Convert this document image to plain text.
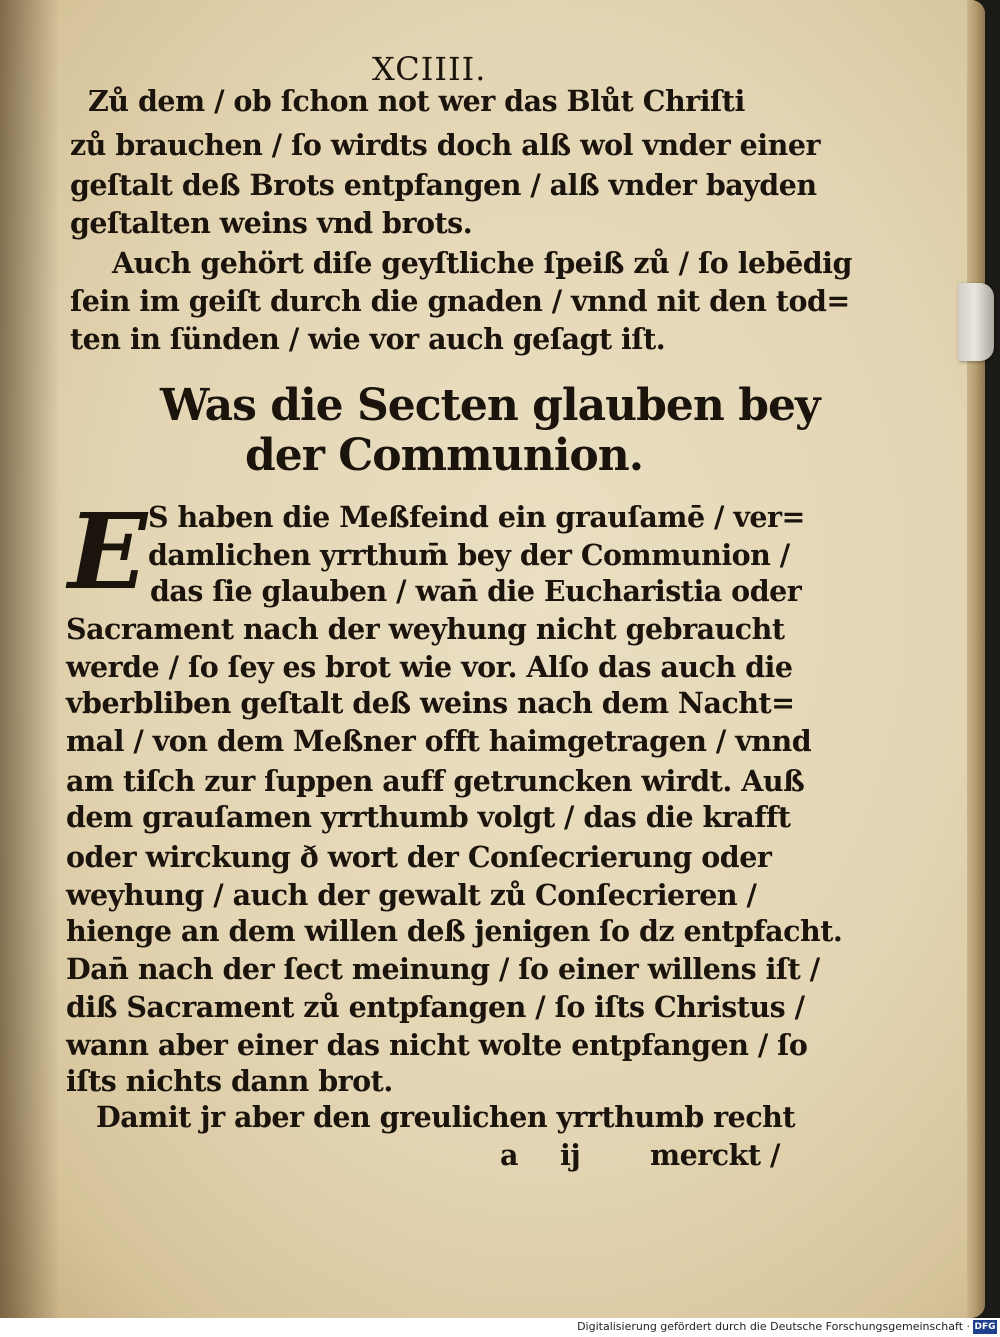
XCIIII.
Zů dem / ob ſchon not wer das Blůt Chriſti
zů brauchen / ſo wirdts doch alß wol vnder einer
geſtalt deß Brots entpfangen / alß vnder bayden
geſtalten weins vnd brots.
Auch gehört diſe geyſtliche ſpeiß zů / ſo lebēdig
ſein im geiſt durch die gnaden / vnnd nit den tod=
ten in ſünden / wie vor auch geſagt iſt.
Was die Secten glauben bey
der Communion.
E S haben die Meßfeind ein grauſamē / ver=
damlichen yrrthum̄ bey der Communion /
das ſie glauben / wan̄ die Eucharistia oder
Sacrament nach der weyhung nicht gebraucht
werde / ſo ſey es brot wie vor. Alſo das auch die
vberbliben geſtalt deß weins nach dem Nacht=
mal / von dem Meßner offt haimgetragen / vnnd
am tiſch zur ſuppen auff getruncken wirdt. Auß
dem grauſamen yrrthumb volgt / das die krafft
oder wirckung ð wort der Conſecrierung oder
weyhung / auch der gewalt zů Conſecrieren /
hienge an dem willen deß jenigen ſo dz entpfacht.
Dan̄ nach der ſect meinung / ſo einer willens iſt /
diß Sacrament zů entpfangen / ſo iſts Christus /
wann aber einer das nicht wolte entpfangen / ſo
iſts nichts dann brot.
Damit jr aber den greulichen yrrthumb recht
a ij merckt /
Digitalisierung gefördert durch die Deutsche Forschungsgemeinschaft · DFG
